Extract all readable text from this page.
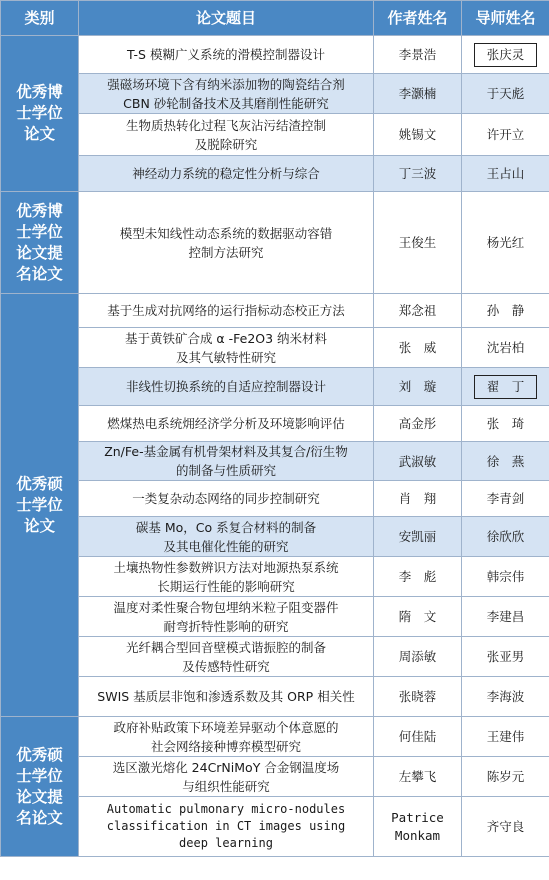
类别	论文题目	作者姓名	导师姓名
优秀博士学位论文	T-S 模糊广义系统的滑模控制器设计	李景浩	张庆灵
	强磁场环境下含有纳米添加物的陶瓷结合剂
CBN 砂轮制备技术及其磨削性能研究	李灏楠	于天彪
	生物质热转化过程飞灰沾污结渣控制
及脱除研究	姚锡文	许开立
	神经动力系统的稳定性分析与综合	丁三波	王占山
优秀博士学位论文提名论文	模型未知线性动态系统的数据驱动容错
控制方法研究	王俊生	杨光红
优秀硕士学位论文	基于生成对抗网络的运行指标动态校正方法	郑念祖	孙　静
	基于黄铁矿合成 α -Fe2O3 纳米材料
及其气敏特性研究	张　威	沈岩柏
	非线性切换系统的自适应控制器设计	刘　璇	翟　丁
	燃煤热电系统㶲经济学分析及环境影响评估	高金彤	张　琦
	Zn/Fe-基金属有机骨架材料及其复合/衍生物
的制备与性质研究	武淑敏	徐　燕
	一类复杂动态网络的同步控制研究	肖　翔	李青剑
	碳基 Mo，Co 系复合材料的制备
及其电催化性能的研究	安凯丽	徐欣欣
	土壤热物性参数辨识方法对地源热泵系统
长期运行性能的影响研究	李　彪	韩宗伟
	温度对柔性聚合物包埋纳米粒子阻变器件
耐弯折特性影响的研究	隋　文	李建昌
	光纤耦合型回音壁模式谐振腔的制备
及传感特性研究	周添敏	张亚男
	SWIS 基质层非饱和渗透系数及其 ORP 相关性	张晓蓉	李海波
优秀硕士学位论文提名论文	政府补贴政策下环境差异驱动个体意愿的
社会网络接种博弈模型研究	何佳陆	王建伟
	选区激光熔化 24CrNiMoY 合金钢温度场
与组织性能研究	左攀飞	陈岁元
	Automatic pulmonary micro-nodules
classification in CT images using
deep learning	Patrice
Monkam	齐守良
